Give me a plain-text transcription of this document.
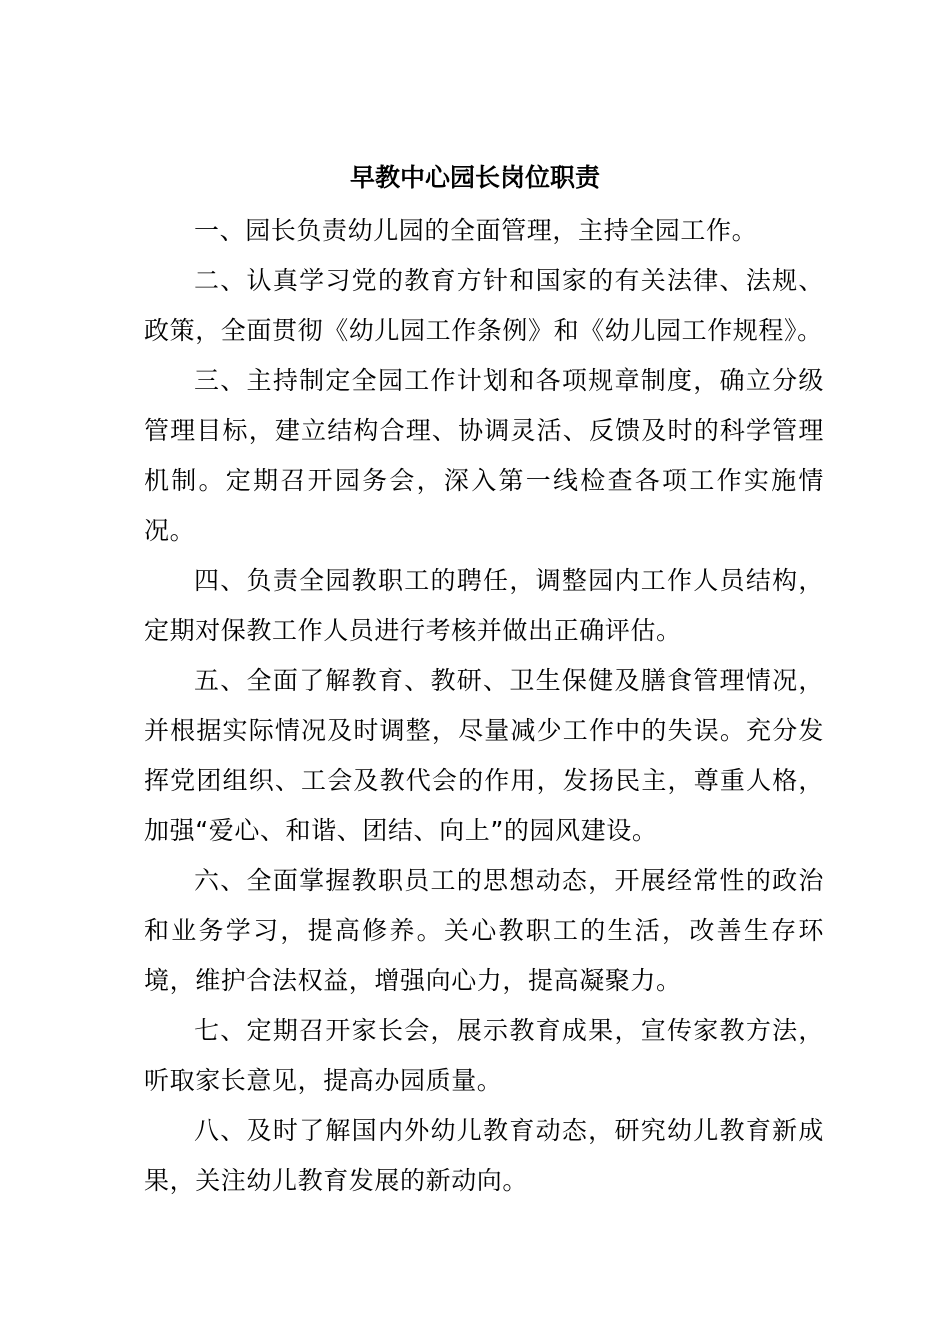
早教中心园长岗位职责

一、园长负责幼儿园的全面管理，主持全园工作。

二、认真学习党的教育方针和国家的有关法律、法规、政策，全面贯彻《幼儿园工作条例》和《幼儿园工作规程》。

三、主持制定全园工作计划和各项规章制度，确立分级管理目标，建立结构合理、协调灵活、反馈及时的科学管理机制。定期召开园务会，深入第一线检查各项工作实施情况。

四、负责全园教职工的聘任，调整园内工作人员结构，定期对保教工作人员进行考核并做出正确评估。

五、全面了解教育、教研、卫生保健及膳食管理情况，并根据实际情况及时调整，尽量减少工作中的失误。充分发挥党团组织、工会及教代会的作用，发扬民主，尊重人格，加强“爱心、和谐、团结、向上”的园风建设。

六、全面掌握教职员工的思想动态，开展经常性的政治和业务学习，提高修养。关心教职工的生活，改善生存环境，维护合法权益，增强向心力，提高凝聚力。

七、定期召开家长会，展示教育成果，宣传家教方法，听取家长意见，提高办园质量。

八、及时了解国内外幼儿教育动态，研究幼儿教育新成果，关注幼儿教育发展的新动向。
